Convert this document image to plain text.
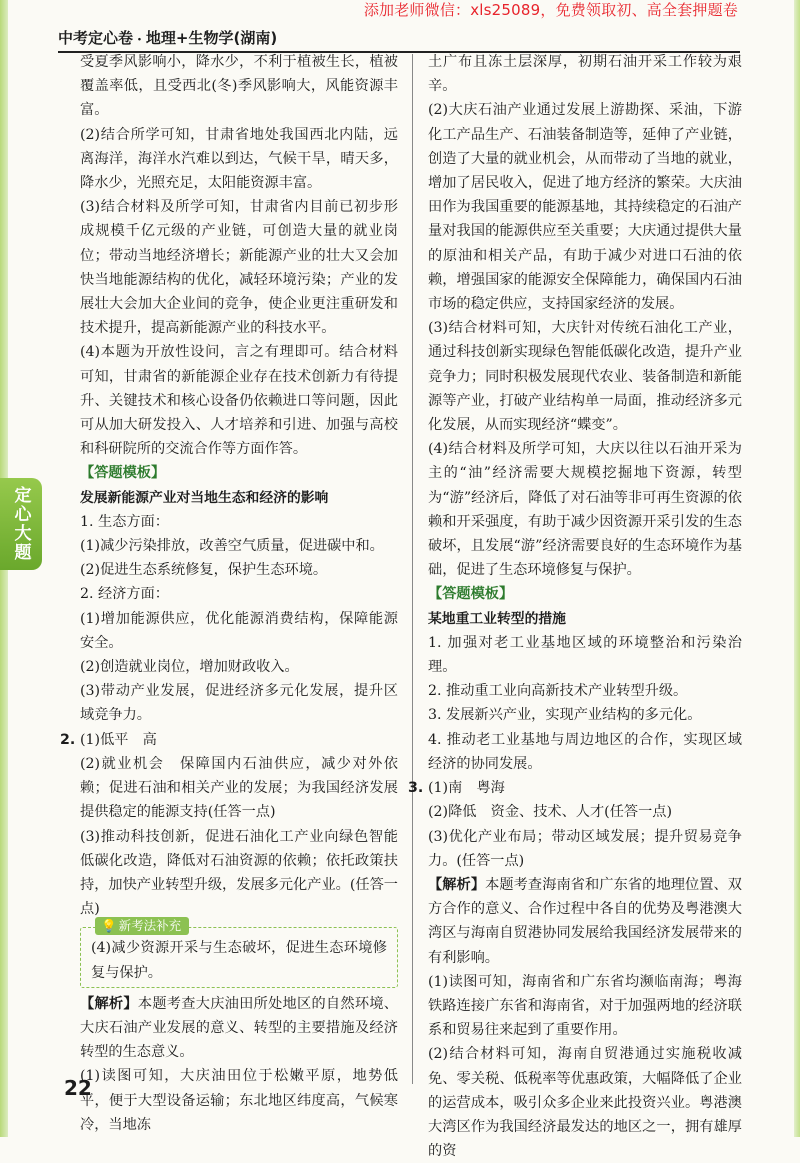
添加老师微信：xls25089，免费领取初、高全套押题卷
中考定心卷 · 地理+生物学(湖南)
定心大题

受夏季风影响小，降水少，不利于植被生长，植被覆盖率低，且受西北(冬)季风影响大，风能资源丰富。

(2)结合所学可知，甘肃省地处我国西北内陆，远离海洋，海洋水汽难以到达，气候干旱，晴天多，降水少，光照充足，太阳能资源丰富。

(3)结合材料及所学可知，甘肃省内目前已初步形成规模千亿元级的产业链，可创造大量的就业岗位；带动当地经济增长；新能源产业的壮大又会加快当地能源结构的优化，减轻环境污染；产业的发展壮大会加大企业间的竞争，使企业更注重研发和技术提升，提高新能源产业的科技水平。

(4)本题为开放性设问，言之有理即可。结合材料可知，甘肃省的新能源企业存在技术创新力有待提升、关键技术和核心设备仍依赖进口等问题，因此可从加大研发投入、人才培养和引进、加强与高校和科研院所的交流合作等方面作答。

【答题模板】

发展新能源产业对当地生态和经济的影响

1. 生态方面：

(1)减少污染排放，改善空气质量，促进碳中和。

(2)促进生态系统修复，保护生态环境。

2. 经济方面：

(1)增加能源供应，优化能源消费结构，保障能源安全。

(2)创造就业岗位，增加财政收入。

(3)带动产业发展，促进经济多元化发展，提升区域竞争力。

2. (1)低平　高

(2)就业机会　保障国内石油供应，减少对外依赖；促进石油和相关产业的发展；为我国经济发展提供稳定的能源支持(任答一点)

(3)推动科技创新，促进石油化工产业向绿色智能低碳化改造，降低对石油资源的依赖；依托政策扶持，加快产业转型升级，发展多元化产业。(任答一点)

💡 新考法补充

(4)减少资源开采与生态破坏，促进生态环境修复与保护。

【解析】本题考查大庆油田所处地区的自然环境、大庆石油产业发展的意义、转型的主要措施及经济转型的生态意义。

(1)读图可知，大庆油田位于松嫩平原，地势低平，便于大型设备运输；东北地区纬度高，气候寒冷，当地冻

土广布且冻土层深厚，初期石油开采工作较为艰辛。

(2)大庆石油产业通过发展上游勘探、采油，下游化工产品生产、石油装备制造等，延伸了产业链，创造了大量的就业机会，从而带动了当地的就业，增加了居民收入，促进了地方经济的繁荣。大庆油田作为我国重要的能源基地，其持续稳定的石油产量对我国的能源供应至关重要；大庆通过提供大量的原油和相关产品，有助于减少对进口石油的依赖，增强国家的能源安全保障能力，确保国内石油市场的稳定供应，支持国家经济的发展。

(3)结合材料可知，大庆针对传统石油化工产业，通过科技创新实现绿色智能低碳化改造，提升产业竞争力；同时积极发展现代农业、装备制造和新能源等产业，打破产业结构单一局面，推动经济多元化发展，从而实现经济“蝶变”。

(4)结合材料及所学可知，大庆以往以石油开采为主的“油”经济需要大规模挖掘地下资源，转型为“游”经济后，降低了对石油等非可再生资源的依赖和开采强度，有助于减少因资源开采引发的生态破坏，且发展“游”经济需要良好的生态环境作为基础，促进了生态环境修复与保护。

【答题模板】

某地重工业转型的措施

1. 加强对老工业基地区域的环境整治和污染治理。

2. 推动重工业向高新技术产业转型升级。

3. 发展新兴产业，实现产业结构的多元化。

4. 推动老工业基地与周边地区的合作，实现区域经济的协同发展。

3. (1)南　粤海

(2)降低　资金、技术、人才(任答一点)

(3)优化产业布局；带动区域发展；提升贸易竞争力。(任答一点)

【解析】本题考查海南省和广东省的地理位置、双方合作的意义、合作过程中各自的优势及粤港澳大湾区与海南自贸港协同发展给我国经济发展带来的有利影响。

(1)读图可知，海南省和广东省均濒临南海；粤海铁路连接广东省和海南省，对于加强两地的经济联系和贸易往来起到了重要作用。

(2)结合材料可知，海南自贸港通过实施税收减免、零关税、低税率等优惠政策，大幅降低了企业的运营成本，吸引众多企业来此投资兴业。粤港澳大湾区作为我国经济最发达的地区之一，拥有雄厚的资

22
